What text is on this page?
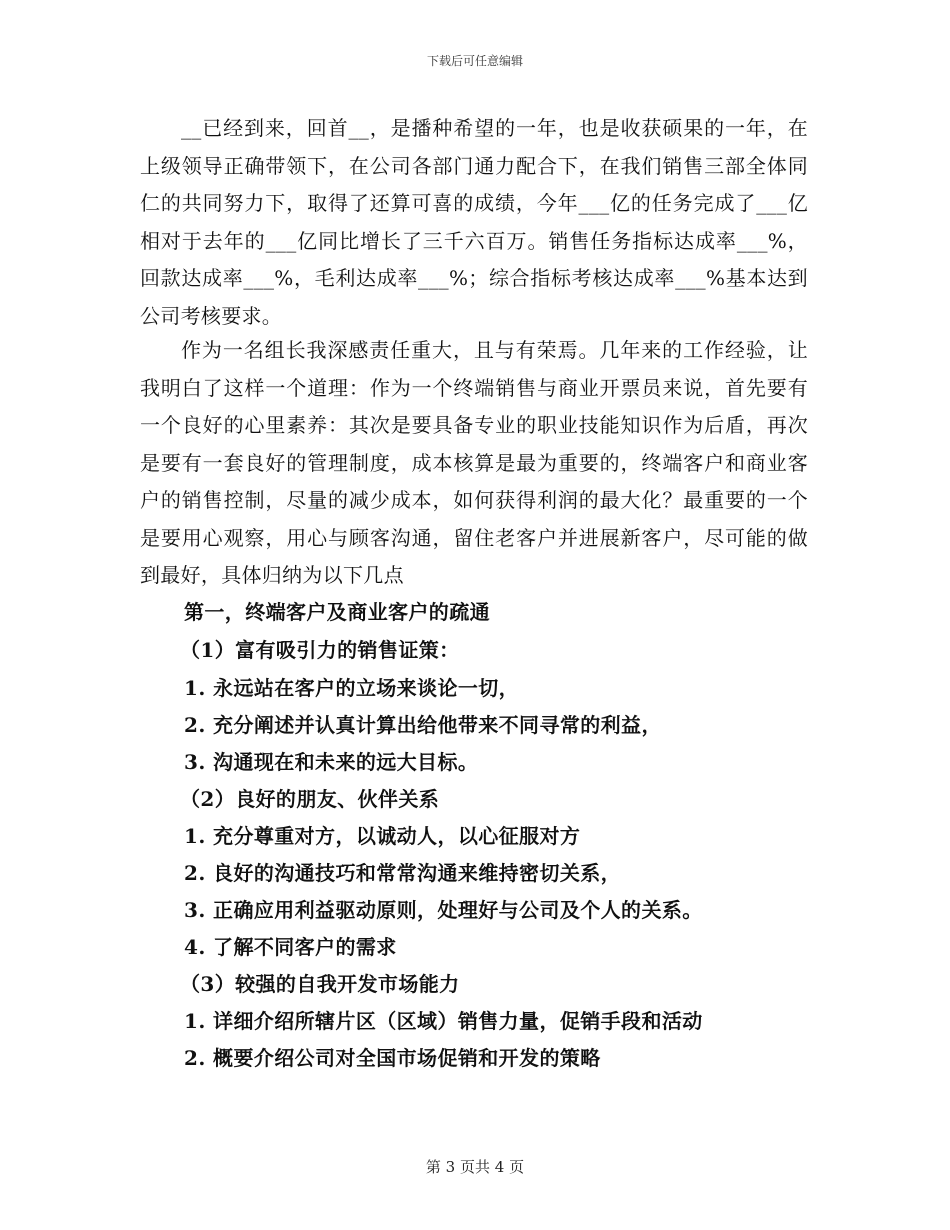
下载后可任意编辑

__已经到来，回首__，是播种希望的一年，也是收获硕果的一年，在上级领导正确带领下，在公司各部门通力配合下，在我们销售三部全体同仁的共同努力下，取得了还算可喜的成绩，今年___亿的任务完成了___亿相对于去年的___亿同比增长了三千六百万。销售任务指标达成率___%，回款达成率___%，毛利达成率___%；综合指标考核达成率___%基本达到公司考核要求。

作为一名组长我深感责任重大，且与有荣焉。几年来的工作经验，让我明白了这样一个道理：作为一个终端销售与商业开票员来说，首先要有一个良好的心里素养：其次是要具备专业的职业技能知识作为后盾，再次是要有一套良好的管理制度，成本核算是最为重要的，终端客户和商业客户的销售控制，尽量的减少成本，如何获得利润的最大化？最重要的一个是要用心观察，用心与顾客沟通，留住老客户并进展新客户，尽可能的做到最好，具体归纳为以下几点

第一，终端客户及商业客户的疏通
（1）富有吸引力的销售证策：
1. 永远站在客户的立场来谈论一切，
2. 充分阐述并认真计算出给他带来不同寻常的利益，
3. 沟通现在和未来的远大目标。
（2）良好的朋友、伙伴关系
1. 充分尊重对方，以诚动人，以心征服对方
2. 良好的沟通技巧和常常沟通来维持密切关系，
3. 正确应用利益驱动原则，处理好与公司及个人的关系。
4. 了解不同客户的需求
（3）较强的自我开发市场能力
1. 详细介绍所辖片区（区域）销售力量，促销手段和活动
2. 概要介绍公司对全国市场促销和开发的策略
第 3 页共 4 页
